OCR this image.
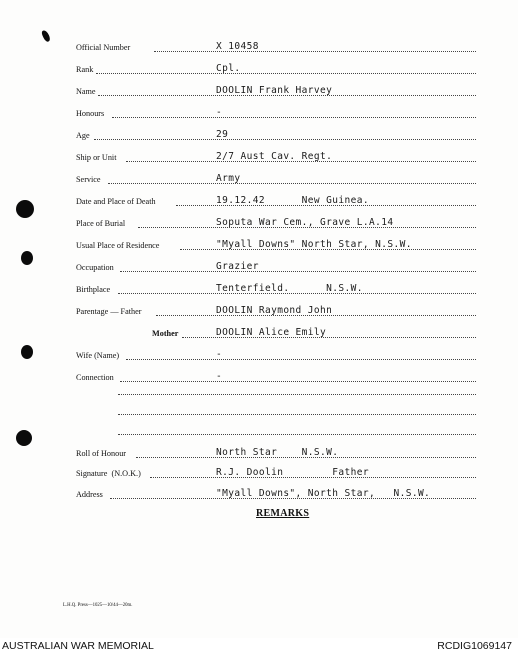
Official Number	X 10458
Rank	Cpl.
Name	DOOLIN Frank Harvey
Honours	-
Age	29
Ship or Unit	2/7 Aust Cav. Regt.
Service	Army
Date and Place of Death	19.12.42      New Guinea.
Place of Burial	Soputa War Cem., Grave L.A.14
Usual Place of Residence	"Myall Downs" North Star, N.S.W.
Occupation	Grazier
Birthplace	Tenterfield.      N.S.W.
Parentage — Father	DOOLIN Raymond John
Mother	DOOLIN Alice Emily
Wife (Name)	-
Connection	-
Roll of Honour	North Star    N.S.W.
Signature  (N.O.K.)	R.J. Doolin        Father
Address	"Myall Downs", North Star,   N.S.W.
REMARKS
L.H.Q. Press—1025—10/44—20m.
AUSTRALIAN WAR MEMORIAL	RCDIG1069147
